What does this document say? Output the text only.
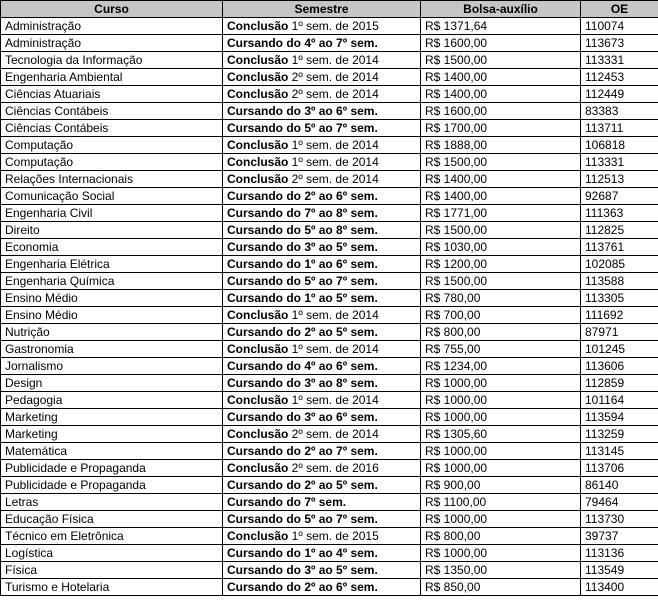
Curso	Semestre	Bolsa-auxílio	OE
Administração	Conclusão 1º sem. de 2015	R$ 1371,64	110074
Administração	Cursando do 4º ao 7º sem.	R$ 1600,00	113673
Tecnologia da Informação	Conclusão 1º sem. de 2014	R$ 1500,00	113331
Engenharia Ambiental	Conclusão 2º sem. de 2014	R$ 1400,00	112453
Ciências Atuariais	Conclusão 2º sem. de 2014	R$ 1400,00	112449
Ciências Contábeis	Cursando do 3º ao 6º sem.	R$ 1600,00	83383
Ciências Contábeis	Cursando do 5º ao 7º sem.	R$ 1700,00	113711
Computação	Conclusão 1º sem. de 2014	R$ 1888,00	106818
Computação	Conclusão 1º sem. de 2014	R$ 1500,00	113331
Relações Internacionais	Conclusão 2º sem. de 2014	R$ 1400,00	112513
Comunicação Social	Cursando do 2º ao 6º sem.	R$ 1400,00	92687
Engenharia Civil	Cursando do 7º ao 8º sem.	R$ 1771,00	111363
Direito	Cursando do 5º ao 8º sem.	R$ 1500,00	112825
Economia	Cursando do 3º ao 5º sem.	R$ 1030,00	113761
Engenharia Elétrica	Cursando do 1º ao 6º sem.	R$ 1200,00	102085
Engenharia Química	Cursando do 5º ao 7º sem.	R$ 1500,00	113588
Ensino Médio	Cursando do 1º ao 5º sem.	R$ 780,00	113305
Ensino Médio	Conclusão 1º sem. de 2014	R$ 700,00	111692
Nutrição	Cursando do 2º ao 5º sem.	R$ 800,00	87971
Gastronomia	Conclusão 1º sem. de 2014	R$ 755,00	101245
Jornalismo	Cursando do 4º ao 6º sem.	R$ 1234,00	113606
Design	Cursando do 3º ao 8º sem.	R$ 1000,00	112859
Pedagogia	Conclusão 1º sem. de 2014	R$ 1000,00	101164
Marketing	Cursando do 3º ao 6º sem.	R$ 1000,00	113594
Marketing	Conclusão 2º sem. de 2014	R$ 1305,60	113259
Matemática	Cursando do 2º ao 7º sem.	R$ 1000,00	113145
Publicidade e Propaganda	Conclusão 2º sem. de 2016	R$ 1000,00	113706
Publicidade e Propaganda	Cursando do 2º ao 5º sem.	R$ 900,00	86140
Letras	Cursando do 7º sem.	R$ 1100,00	79464
Educação Física	Cursando do 5º ao 7º sem.	R$ 1000,00	113730
Técnico em Eletrônica	Conclusão 1º sem. de 2015	R$ 800,00	39737
Logística	Cursando do 1º ao 4º sem.	R$ 1000,00	113136
Física	Cursando do 3º ao 5º sem.	R$ 1350,00	113549
Turismo e Hotelaria	Cursando do 2º ao 6º sem.	R$ 850,00	113400
